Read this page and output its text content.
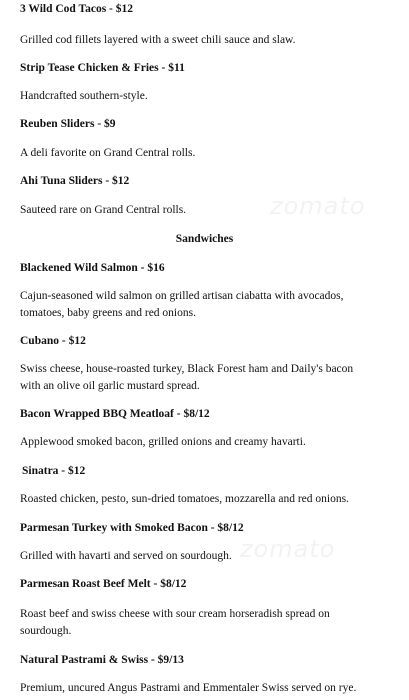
zomato
zomato
3 Wild Cod Tacos - $12
Grilled cod fillets layered with a sweet chili sauce and slaw.
Strip Tease Chicken & Fries - $11
Handcrafted southern-style.
Reuben Sliders - $9
A deli favorite on Grand Central rolls.
Ahi Tuna Sliders - $12
Sauteed rare on Grand Central rolls.
Sandwiches
Blackened Wild Salmon - $16
Cajun-seasoned wild salmon on grilled artisan ciabatta with avocados,
tomatoes, baby greens and red onions.
Cubano - $12
Swiss cheese, house-roasted turkey, Black Forest ham and Daily's bacon
with an olive oil garlic mustard spread.
Bacon Wrapped BBQ Meatloaf - $8/12
Applewood smoked bacon, grilled onions and creamy havarti.
Sinatra - $12
Roasted chicken, pesto, sun-dried tomatoes, mozzarella and red onions.
Parmesan Turkey with Smoked Bacon - $8/12
Grilled with havarti and served on sourdough.
Parmesan Roast Beef Melt - $8/12
Roast beef and swiss cheese with sour cream horseradish spread on
sourdough.
Natural Pastrami & Swiss - $9/13
Premium, uncured Angus Pastrami and Emmentaler Swiss served on rye.
